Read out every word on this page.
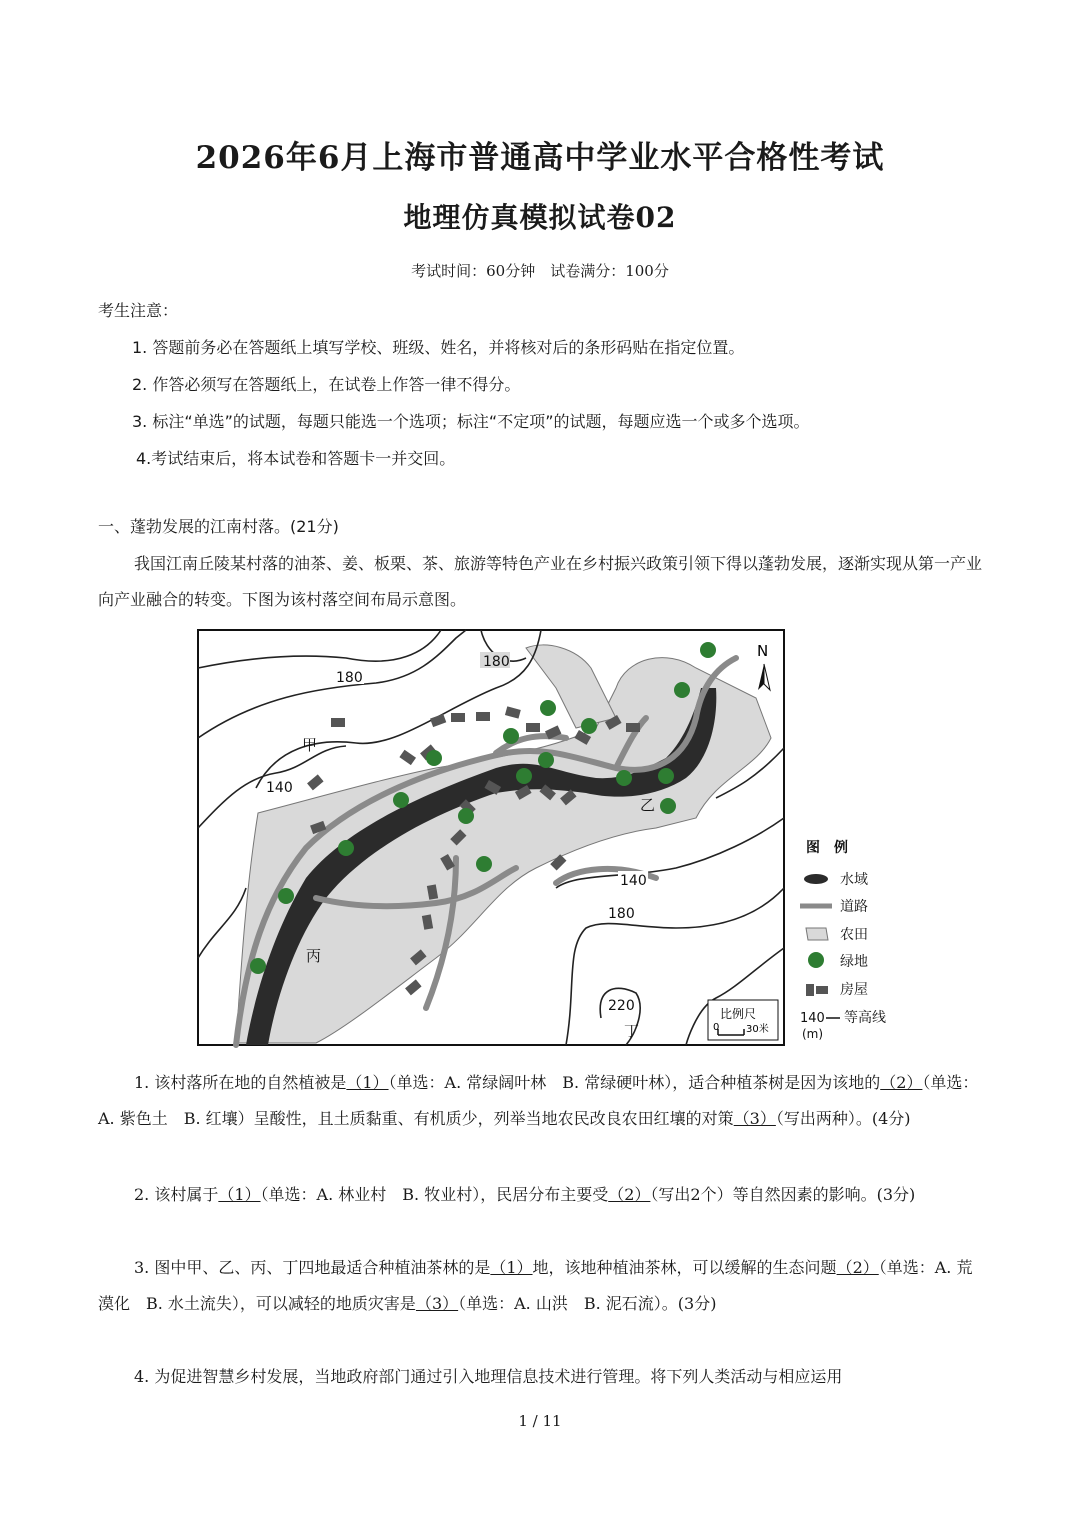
2026年6月上海市普通高中学业水平合格性考试
地理仿真模拟试卷02
考试时间：60分钟　试卷满分：100分
考生注意：
1. 答题前务必在答题纸上填写学校、班级、姓名，并将核对后的条形码贴在指定位置。
2. 作答必须写在答题纸上，在试卷上作答一律不得分。
3. 标注“单选”的试题，每题只能选一个选项；标注“不定项”的试题，每题应选一个或多个选项。
4.考试结束后，将本试卷和答题卡一并交回。
一、蓬勃发展的江南村落。(21分)
我国江南丘陵某村落的油茶、姜、板栗、茶、旅游等特色产业在乡村振兴政策引领下得以蓬勃发展，逐渐实现从第一产业向产业融合的转变。下图为该村落空间布局示意图。
N
180
180
140
140
180
220
甲
乙
丙
丁
比例尺
0	30米
图　例
水域
道路
农田
绿地
房屋
140 等高线
(m)
1. 该村落所在地的自然植被是（1）（单选：A. 常绿阔叶林　B. 常绿硬叶林），适合种植茶树是因为该地的（2）（单选：A. 紫色土　B. 红壤）呈酸性，且土质黏重、有机质少，列举当地农民改良农田红壤的对策（3）（写出两种）。(4分)
2. 该村属于（1）（单选：A. 林业村　B. 牧业村），民居分布主要受（2）（写出2个）等自然因素的影响。(3分)
3. 图中甲、乙、丙、丁四地最适合种植油茶林的是（1）地，该地种植油茶林，可以缓解的生态问题（2）（单选：A. 荒漠化　B. 水土流失），可以减轻的地质灾害是（3）（单选：A. 山洪　B. 泥石流）。(3分)
4. 为促进智慧乡村发展，当地政府部门通过引入地理信息技术进行管理。将下列人类活动与相应运用
1 / 11
